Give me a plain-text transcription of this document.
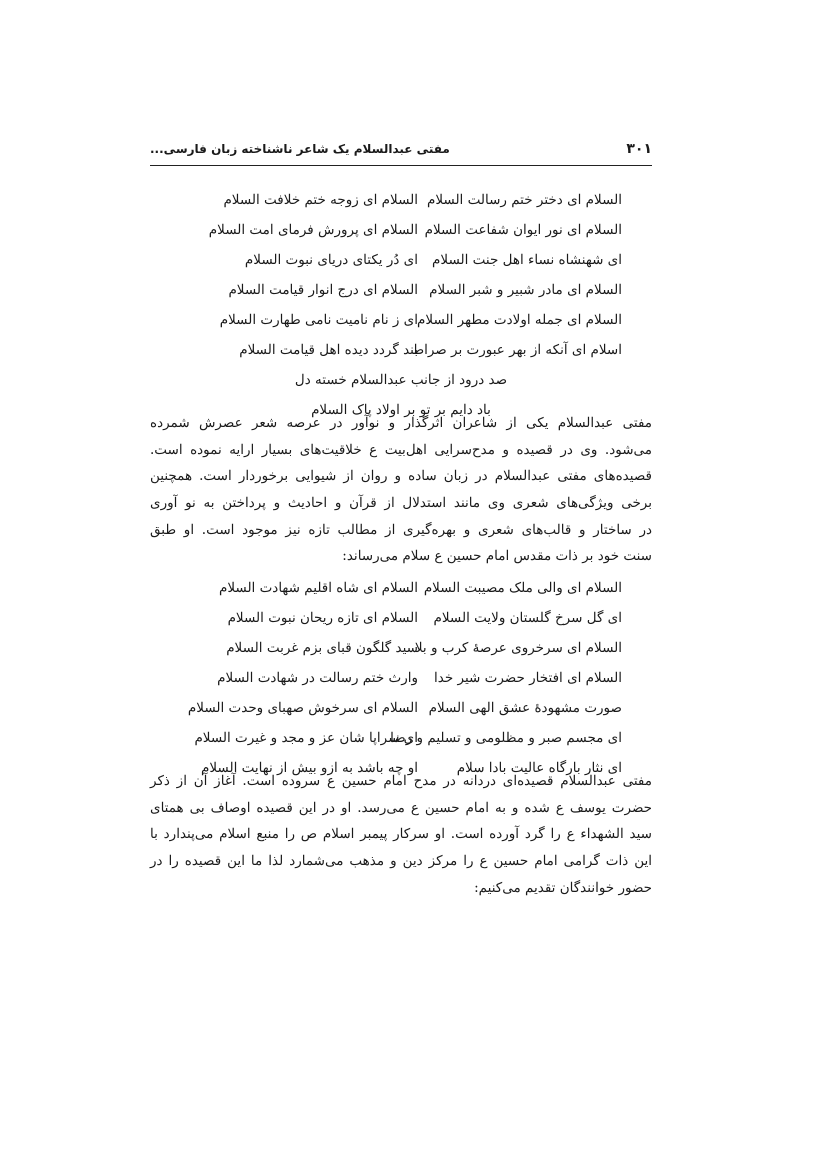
۳۰۱
مفتی عبدالسلام یک شاعر ناشناخته زبان فارسی...
السلام ای دختر ختم رسالت السلام
السلام ای زوجه ختم خلافت السلام
السلام ای نور ایوان شفاعت السلام
السلام ای پرورش فرمای امت السلام
ای شهنشاه نساء اهل جنت السلام
ای دُر یکتای دریای نبوت السلام
السلام ای مادر شبیر و شبر السلام
السلام ای درج انوار قیامت السلام
السلام ای جمله اولادت مطهر السلام
ای ز نام نامیت نامی طهارت السلام
اسلام ای آنکه از بهر عبورت بر صراط
بند گردد دیده اهل قیامت السلام
صد درود از جانب عبدالسلام خسته دل
باد دایم بر تو بر اولاد پاک السلام
مفتی عبدالسلام یکی از شاعران اثرگذار و نوآور در عرصه شعر عصرش شمرده
می‌شود. وی در قصیده و مدح‌سرایی اهل‌بیت ع خلاقیت‌های بسیار ارایه نموده است.
قصیده‌های مفتی عبدالسلام در زبان ساده و روان از شیوایی برخوردار است. همچنین
برخی ویژگی‌های شعری وی مانند استدلال از قرآن و احادیث و پرداختن به نو آوری
در ساختار و قالب‌های شعری و بهره‌گیری از مطالب تازه نیز موجود است. او طبق
سنت خود بر ذات مقدس امام حسین ع سلام می‌رساند:
السلام ای والی ملک مصیبت السلام
السلام ای شاه اقلیم شهادت السلام
ای گل سرخ گلستان ولایت السلام
السلام ای تازه ریحان نبوت السلام
السلام ای سرخروی عرصهٔ کرب و بلا
سید گلگون قبای بزم غربت السلام
السلام ای افتخار حضرت شیر خدا
وارث ختم رسالت در شهادت السلام
صورت مشهودهٔ عشق الهی السلام
السلام ای سرخوش صهبای وحدت السلام
ای مجسم صبر و مظلومی و تسلیم و رضا
ای سراپا شان عز و مجد و غیرت السلام
ای نثار بارگاه عالیت بادا سلام
او چه باشد به ازو بیش از نهایت السلام
مفتی عبدالسلام قصیده‌ای دردانه در مدح امام حسین ع سروده است. آغاز آن از ذکر
حضرت یوسف ع شده و به امام حسین ع می‌رسد. او در این قصیده اوصاف بی همتای
سید الشهداء ع را گرد آورده است. او سرکار پیمبر اسلام ص را منبع اسلام می‌پندارد با
این ذات گرامی امام حسین ع را مرکز دین و مذهب می‌شمارد لذا ما این قصیده را در
حضور خوانندگان تقدیم می‌کنیم:
